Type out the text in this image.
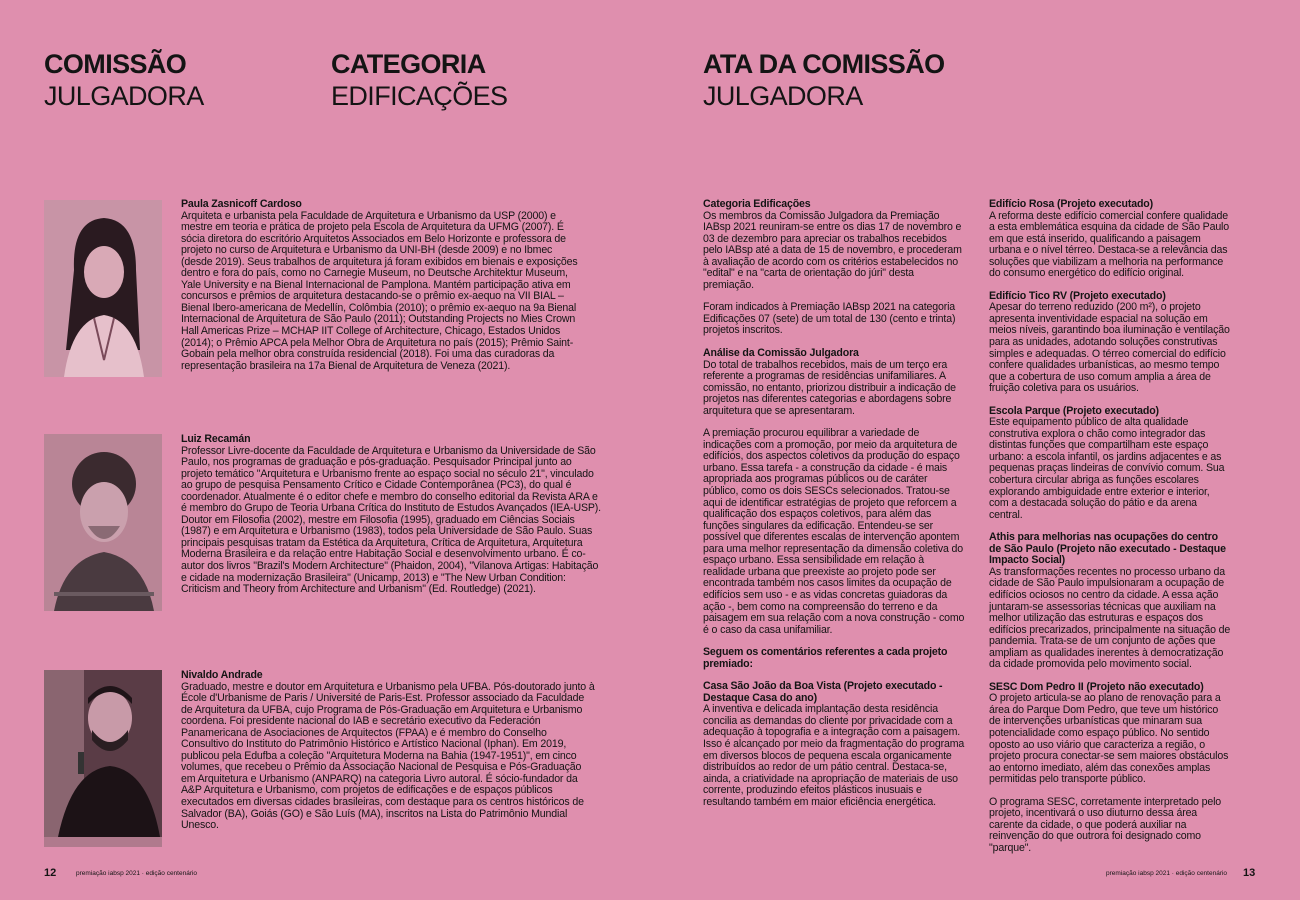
COMISSÃO
JULGADORA
CATEGORIA
EDIFICAÇÕES
Paula Zasnicoff Cardoso
Arquiteta e urbanista pela Faculdade de Arquitetura e Urbanismo da USP (2000) e mestre em teoria e prática de projeto pela Escola de Arquitetura da UFMG (2007). É sócia diretora do escritório Arquitetos Associados em Belo Horizonte e professora de projeto no curso de Arquitetura e Urbanismo da UNI-BH (desde 2009) e no Ibmec (desde 2019). Seus trabalhos de arquitetura já foram exibidos em bienais e exposições dentro e fora do país, como no Carnegie Museum, no Deutsche Architektur Museum, Yale University e na Bienal Internacional de Pamplona. Mantém participação ativa em concursos e prêmios de arquitetura destacando-se o prêmio ex-aequo na VII BIAL – Bienal Ibero-americana de Medellín, Colômbia (2010); o prêmio ex-aequo na 9a Bienal Internacional de Arquitetura de São Paulo (2011); Outstanding Projects no Mies Crown Hall Americas Prize – MCHAP IIT College of Architecture, Chicago, Estados Unidos (2014); o Prêmio APCA pela Melhor Obra de Arquitetura no país (2015); Prêmio Saint-Gobain pela melhor obra construída residencial (2018). Foi uma das curadoras da representação brasileira na 17a Bienal de Arquitetura de Veneza (2021).
Luiz Recamán
Professor Livre-docente da Faculdade de Arquitetura e Urbanismo da Universidade de São Paulo, nos programas de graduação e pós-graduação. Pesquisador Principal junto ao projeto temático "Arquitetura e Urbanismo frente ao espaço social no século 21", vinculado ao grupo de pesquisa Pensamento Crítico e Cidade Contemporânea (PC3), do qual é coordenador. Atualmente é o editor chefe e membro do conselho editorial da Revista ARA e é membro do Grupo de Teoria Urbana Crítica do Instituto de Estudos Avançados (IEA-USP). Doutor em Filosofia (2002), mestre em Filosofia (1995), graduado em Ciências Sociais (1987) e em Arquitetura e Urbanismo (1983), todos pela Universidade de São Paulo. Suas principais pesquisas tratam da Estética da Arquitetura, Crítica de Arquitetura, Arquitetura Moderna Brasileira e da relação entre Habitação Social e desenvolvimento urbano. É co-autor dos livros "Brazil's Modern Architecture" (Phaidon, 2004), "Vilanova Artigas: Habitação e cidade na modernização Brasileira" (Unicamp, 2013) e "The New Urban Condition: Criticism and Theory from Architecture and Urbanism" (Ed. Routledge) (2021).
Nivaldo Andrade
Graduado, mestre e doutor em Arquitetura e Urbanismo pela UFBA. Pós-doutorado junto à École d'Urbanisme de Paris / Université de Paris-Est. Professor associado da Faculdade de Arquitetura da UFBA, cujo Programa de Pós-Graduação em Arquitetura e Urbanismo coordena. Foi presidente nacional do IAB e secretário executivo da Federación Panamericana de Asociaciones de Arquitectos (FPAA) e é membro do Conselho Consultivo do Instituto do Patrimônio Histórico e Artístico Nacional (Iphan). Em 2019, publicou pela Edufba a coleção "Arquitetura Moderna na Bahia (1947-1951)", em cinco volumes, que recebeu o Prêmio da Associação Nacional de Pesquisa e Pós-Graduação em Arquitetura e Urbanismo (ANPARQ) na categoria Livro autoral. É sócio-fundador da A&P Arquitetura e Urbanismo, com projetos de edificações e de espaços públicos executados em diversas cidades brasileiras, com destaque para os centros históricos de Salvador (BA), Goiás (GO) e São Luís (MA), inscritos na Lista do Patrimônio Mundial Unesco.
12	premiação iabsp 2021 · edição centenário
ATA DA COMISSÃO
JULGADORA
Categoria Edificações
Os membros da Comissão Julgadora da Premiação IABsp 2021 reuniram-se entre os dias 17 de novembro e 03 de dezembro para apreciar os trabalhos recebidos pelo IABsp até a data de 15 de novembro, e procederam à avaliação de acordo com os critérios estabelecidos no "edital" e na "carta de orientação do júri" desta premiação.
Foram indicados à Premiação IABsp 2021 na categoria Edificações 07 (sete) de um total de 130 (cento e trinta) projetos inscritos.
Análise da Comissão Julgadora
Do total de trabalhos recebidos, mais de um terço era referente a programas de residências unifamiliares. A comissão, no entanto, priorizou distribuir a indicação de projetos nas diferentes categorias e abordagens sobre arquitetura que se apresentaram.
A premiação procurou equilibrar a variedade de indicações com a promoção, por meio da arquitetura de edifícios, dos aspectos coletivos da produção do espaço urbano. Essa tarefa - a construção da cidade - é mais apropriada aos programas públicos ou de caráter público, como os dois SESCs selecionados. Tratou-se aqui de identificar estratégias de projeto que reforcem a qualificação dos espaços coletivos, para além das funções singulares da edificação. Entendeu-se ser possível que diferentes escalas de intervenção apontem para uma melhor representação da dimensão coletiva do espaço urbano. Essa sensibilidade em relação à realidade urbana que preexiste ao projeto pode ser encontrada também nos casos limites da ocupação de edifícios sem uso - e as vidas concretas guiadoras da ação -, bem como na compreensão do terreno e da paisagem em sua relação com a nova construção - como é o caso da casa unifamiliar.
Seguem os comentários referentes a cada projeto premiado:
Casa São João da Boa Vista (Projeto executado - Destaque Casa do ano)
A inventiva e delicada implantação desta residência concilia as demandas do cliente por privacidade com a adequação à topografia e a integração com a paisagem. Isso é alcançado por meio da fragmentação do programa em diversos blocos de pequena escala organicamente distribuídos ao redor de um pátio central. Destaca-se, ainda, a criatividade na apropriação de materiais de uso corrente, produzindo efeitos plásticos inusuais e resultando também em maior eficiência energética.
Edifício Rosa (Projeto executado)
A reforma deste edifício comercial confere qualidade a esta emblemática esquina da cidade de São Paulo em que está inserido, qualificando a paisagem urbana e o nível térreo. Destaca-se a relevância das soluções que viabilizam a melhoria na performance do consumo energético do edifício original.
Edifício Tico RV (Projeto executado)
Apesar do terreno reduzido (200 m²), o projeto apresenta inventividade espacial na solução em meios níveis, garantindo boa iluminação e ventilação para as unidades, adotando soluções construtivas simples e adequadas. O térreo comercial do edifício confere qualidades urbanísticas, ao mesmo tempo que a cobertura de uso comum amplia a área de fruição coletiva para os usuários.
Escola Parque (Projeto executado)
Este equipamento público de alta qualidade construtiva explora o chão como integrador das distintas funções que compartilham este espaço urbano: a escola infantil, os jardins adjacentes e as pequenas praças lindeiras de convívio comum. Sua cobertura circular abriga as funções escolares explorando ambiguidade entre exterior e interior, com a destacada solução do pátio e da arena central.
Athis para melhorias nas ocupações do centro de São Paulo (Projeto não executado - Destaque Impacto Social)
As transformações recentes no processo urbano da cidade de São Paulo impulsionaram a ocupação de edifícios ociosos no centro da cidade. A essa ação juntaram-se assessorias técnicas que auxiliam na melhor utilização das estruturas e espaços dos edifícios precarizados, principalmente na situação de pandemia. Trata-se de um conjunto de ações que ampliam as qualidades inerentes à democratização da cidade promovida pelo movimento social.
SESC Dom Pedro II (Projeto não executado)
O projeto articula-se ao plano de renovação para a área do Parque Dom Pedro, que teve um histórico de intervenções urbanísticas que minaram sua potencialidade como espaço público. No sentido oposto ao uso viário que caracteriza a região, o projeto procura conectar-se sem maiores obstáculos ao entorno imediato, além das conexões amplas permitidas pelo transporte público.
O programa SESC, corretamente interpretado pelo projeto, incentivará o uso diuturno dessa área carente da cidade, o que poderá auxiliar na reinvenção do que outrora foi designado como "parque".
premiação iabsp 2021 · edição centenário 13
